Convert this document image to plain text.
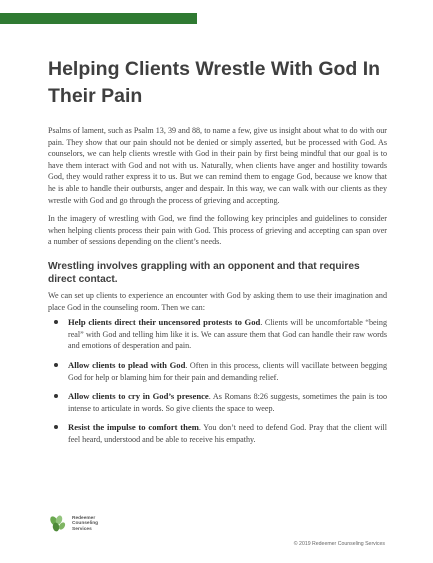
Helping Clients Wrestle With God In Their Pain

Psalms of lament, such as Psalm 13, 39 and 88, to name a few, give us insight about what to do with our pain. They show that our pain should not be denied or simply asserted, but be processed with God. As counselors, we can help clients wrestle with God in their pain by first being mindful that our goal is to have them interact with God and not with us. Naturally, when clients have anger and hostility towards God, they would rather express it to us. But we can remind them to engage God, because we know that he is able to handle their outbursts, anger and despair. In this way, we can walk with our clients as they wrestle with God and go through the process of grieving and accepting.

In the imagery of wrestling with God, we find the following key principles and guidelines to consider when helping clients process their pain with God. This process of grieving and accepting can span over a number of sessions depending on the client’s needs.

Wrestling involves grappling with an opponent and that requires direct contact.

We can set up clients to experience an encounter with God by asking them to use their imagination and place God in the counseling room. Then we can:

Help clients direct their uncensored protests to God. Clients will be uncomfortable “being real” with God and telling him like it is. We can assure them that God can handle their raw words and emotions of desperation and pain.
Allow clients to plead with God. Often in this process, clients will vacillate between begging God for help or blaming him for their pain and demanding relief.
Allow clients to cry in God’s presence. As Romans 8:26 suggests, sometimes the pain is too intense to articulate in words. So give clients the space to weep.
Resist the impulse to comfort them. You don’t need to defend God. Pray that the client will feel heard, understood and be able to receive his empathy.
Redeemer
Counseling
Services
© 2019 Redeemer Counseling Services
